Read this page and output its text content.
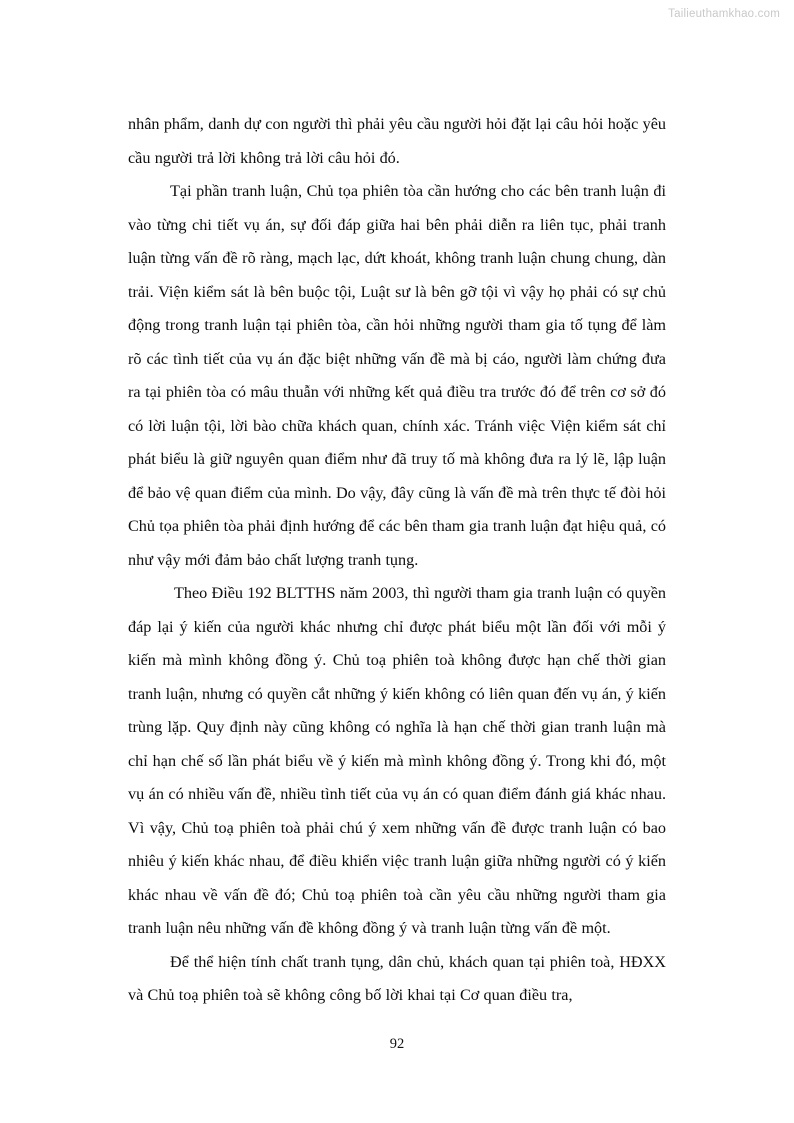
Tailieuthamkhao.com

nhân phẩm, danh dự con người thì phải yêu cầu người hỏi đặt lại câu hỏi hoặc yêu cầu người trả lời không trả lời câu hỏi đó.

Tại phần tranh luận, Chủ tọa phiên tòa cần hướng cho các bên tranh luận đi vào từng chi tiết vụ án, sự đối đáp giữa hai bên phải diễn ra liên tục, phải tranh luận từng vấn đề rõ ràng, mạch lạc, dứt khoát, không tranh luận chung chung, dàn trải. Viện kiểm sát là bên buộc tội, Luật sư là bên gỡ tội vì vậy họ phải có sự chủ động trong tranh luận tại phiên tòa, cần hỏi những người tham gia tố tụng để làm rõ các tình tiết của vụ án đặc biệt những vấn đề mà bị cáo, người làm chứng đưa ra tại phiên tòa có mâu thuẫn với những kết quả điều tra trước đó để trên cơ sở đó có lời luận tội, lời bào chữa khách quan, chính xác. Tránh việc Viện kiểm sát chỉ phát biểu là giữ nguyên quan điểm như đã truy tố mà không đưa ra lý lẽ, lập luận để bảo vệ quan điểm của mình. Do vậy, đây cũng là vấn đề mà trên thực tế đòi hỏi Chủ tọa phiên tòa phải định hướng để các bên tham gia tranh luận đạt hiệu quả, có như vậy mới đảm bảo chất lượng tranh tụng.

Theo Điều 192 BLTTHS năm 2003, thì người tham gia tranh luận có quyền đáp lại ý kiến của người khác nhưng chỉ được phát biểu một lần đối với mỗi ý kiến mà mình không đồng ý. Chủ toạ phiên toà không được hạn chế thời gian tranh luận, nhưng có quyền cắt những ý kiến không có liên quan đến vụ án, ý kiến trùng lặp. Quy định này cũng không có nghĩa là hạn chế thời gian tranh luận mà chỉ hạn chế số lần phát biểu về ý kiến mà mình không đồng ý. Trong khi đó, một vụ án có nhiều vấn đề, nhiều tình tiết của vụ án có quan điểm đánh giá khác nhau. Vì vậy, Chủ toạ phiên toà phải chú ý xem những vấn đề được tranh luận có bao nhiêu ý kiến khác nhau, để điều khiển việc tranh luận giữa những người có ý kiến khác nhau về vấn đề đó; Chủ toạ phiên toà cần yêu cầu những người tham gia tranh luận nêu những vấn đề không đồng ý và tranh luận từng vấn đề một.

Để thể hiện tính chất tranh tụng, dân chủ, khách quan tại phiên toà, HĐXX và Chủ toạ phiên toà sẽ không công bố lời khai tại Cơ quan điều tra,

92
